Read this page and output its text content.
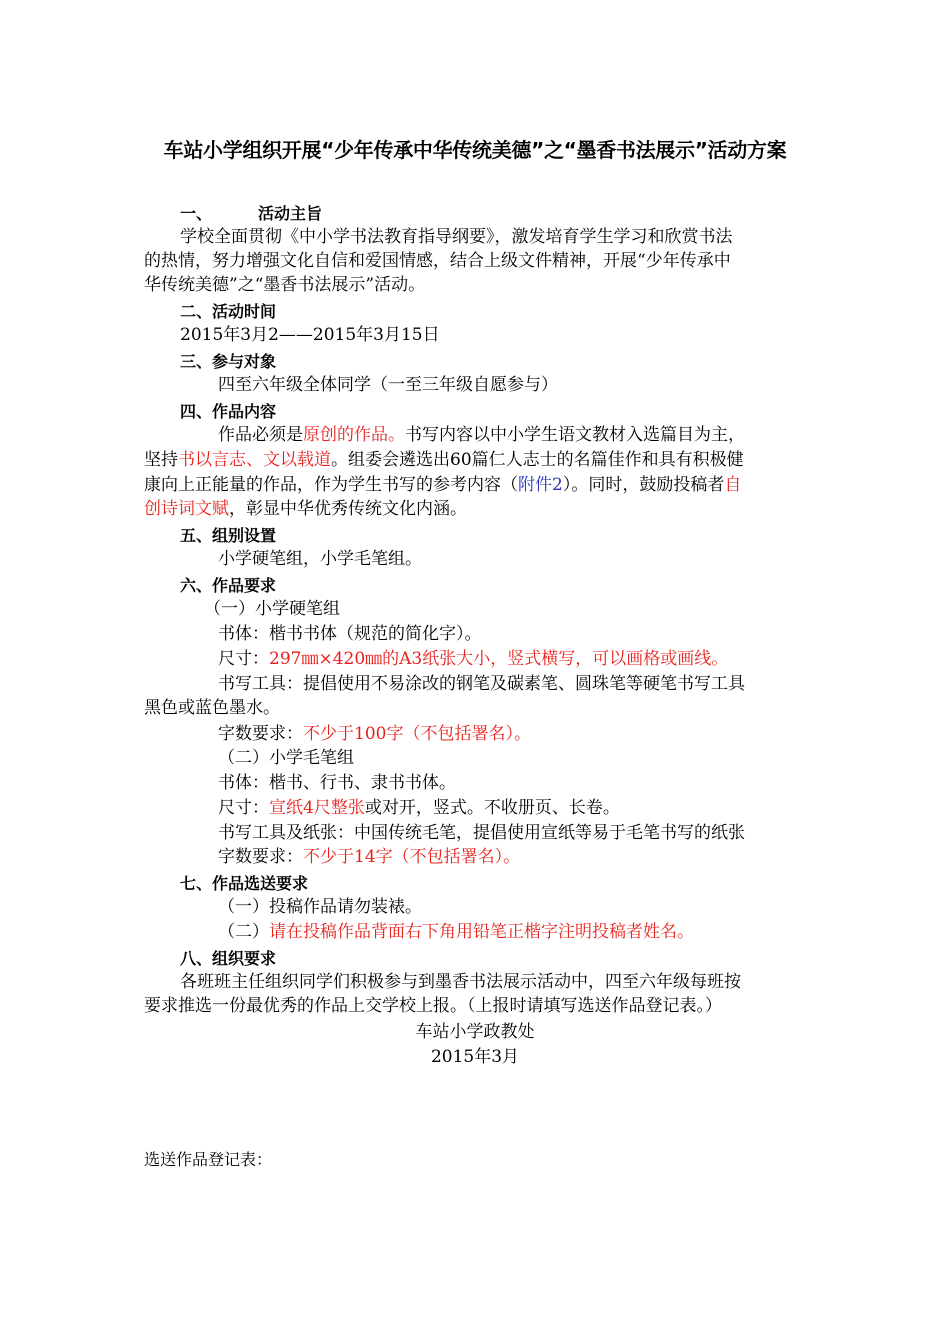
车站小学组织开展“少年传承中华传统美德”之“墨香书法展示”活动方案
一、	活动主旨
学校全面贯彻《中小学书法教育指导纲要》，激发培育学生学习和欣赏书法
的热情，努力增强文化自信和爱国情感，结合上级文件精神，开展“少年传承中
华传统美德”之“墨香书法展示”活动。
二、活动时间
2015年3月2——2015年3月15日
三、参与对象
四至六年级全体同学（一至三年级自愿参与）
四、作品内容
作品必须是原创的作品。书写内容以中小学生语文教材入选篇目为主，
坚持书以言志、文以载道。组委会遴选出60篇仁人志士的名篇佳作和具有积极健
康向上正能量的作品，作为学生书写的参考内容（附件2）。同时，鼓励投稿者自
创诗词文赋，彰显中华优秀传统文化内涵。
五、组别设置
小学硬笔组，小学毛笔组。
六、作品要求
（一）小学硬笔组
书体：楷书书体（规范的简化字）。
尺寸：297㎜×420㎜的A3纸张大小，竖式横写，可以画格或画线。
书写工具：提倡使用不易涂改的钢笔及碳素笔、圆珠笔等硬笔书写工具
黑色或蓝色墨水。
字数要求：不少于100字（不包括署名）。
（二）小学毛笔组
书体：楷书、行书、隶书书体。
尺寸：宣纸4尺整张或对开，竖式。不收册页、长卷。
书写工具及纸张：中国传统毛笔，提倡使用宣纸等易于毛笔书写的纸张
字数要求：不少于14字（不包括署名）。
七、作品选送要求
（一）投稿作品请勿装裱。
（二）请在投稿作品背面右下角用铅笔正楷字注明投稿者姓名。
八、组织要求
各班班主任组织同学们积极参与到墨香书法展示活动中，四至六年级每班按
要求推选一份最优秀的作品上交学校上报。（上报时请填写选送作品登记表。）
车站小学政教处
2015年3月
选送作品登记表：
